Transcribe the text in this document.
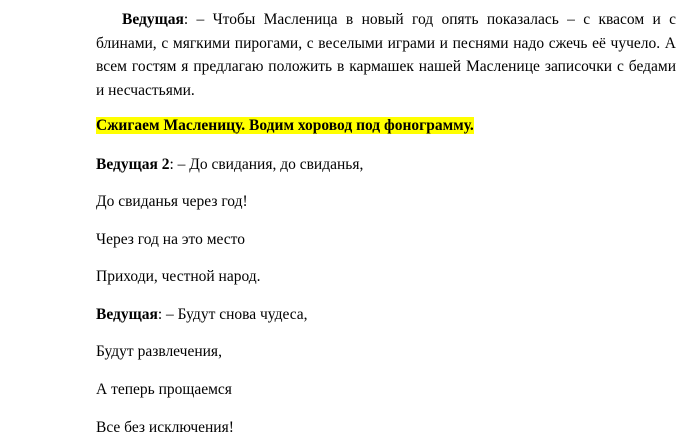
Ведущая: – Чтобы Масленица в новый год опять показалась – с квасом и с блинами, с мягкими пирогами, с веселыми играми и песнями надо сжечь её чучело. А всем гостям я предлагаю положить в кармашек нашей Масленице записочки с бедами и несчастьями.

Сжигаем Масленицу. Водим хоровод под фонограмму.

Ведущая 2: – До свидания, до свиданья,

До свиданья через год!

Через год на это место

Приходи, честной народ.

Ведущая: – Будут снова чудеса,

Будут развлечения,

А теперь прощаемся

Все без исключения!
